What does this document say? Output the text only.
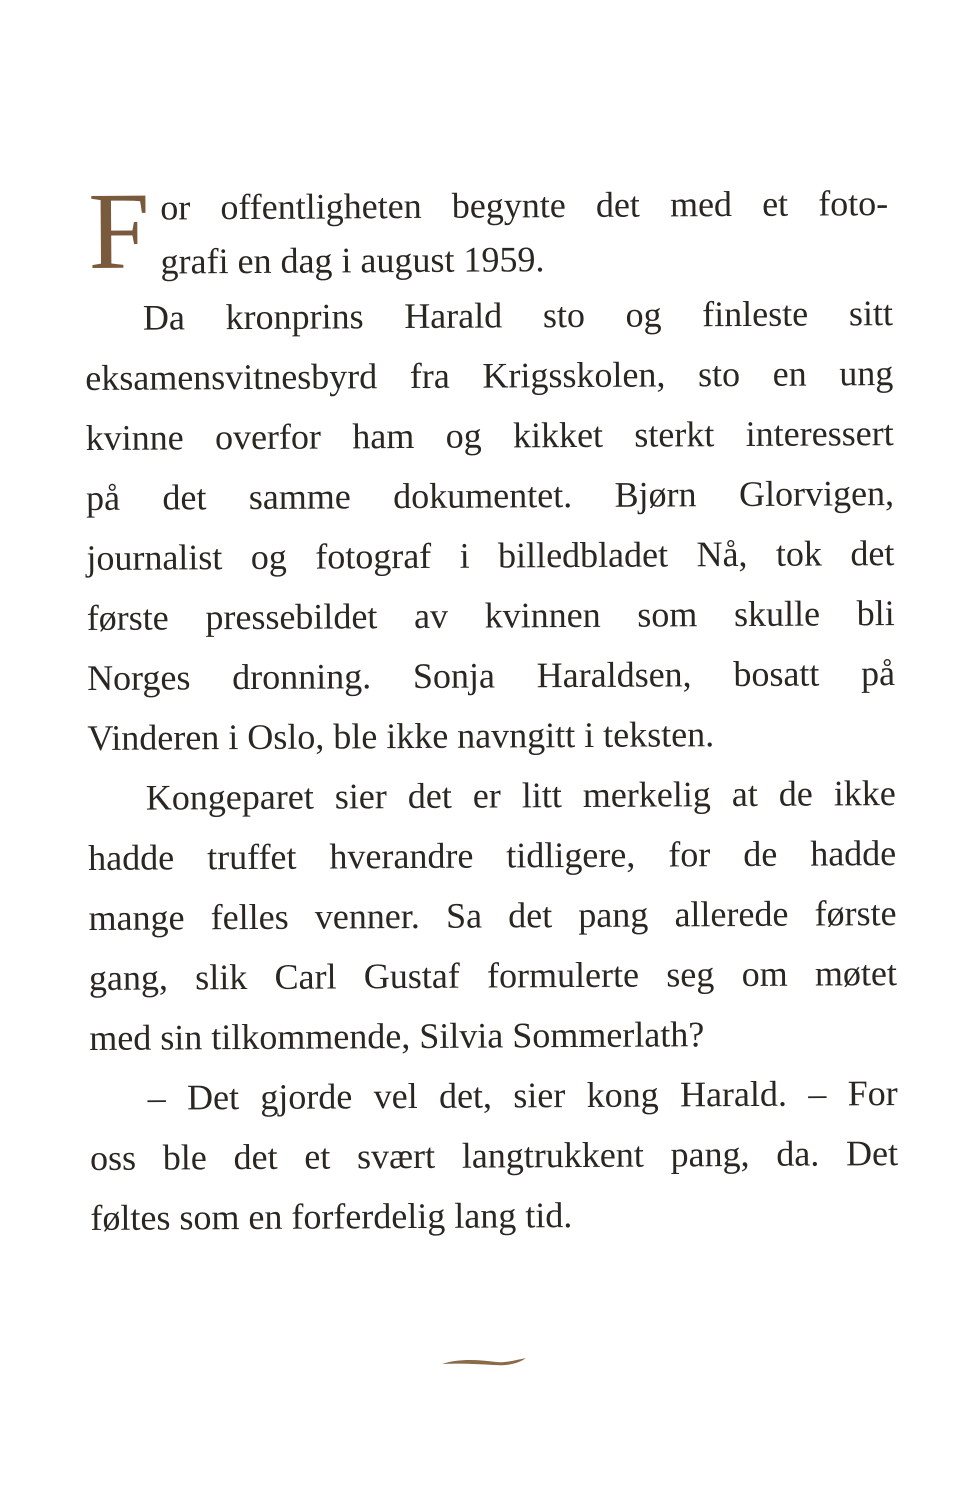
F or offentligheten begynte det med et foto-
grafi en dag i august 1959.
Da kronprins Harald sto og finleste sitt
eksamensvitnesbyrd fra Krigsskolen, sto en ung
kvinne overfor ham og kikket sterkt interessert
på det samme dokumentet. Bjørn Glorvigen,
journalist og fotograf i billedbladet Nå, tok det
første pressebildet av kvinnen som skulle bli
Norges dronning. Sonja Haraldsen, bosatt på
Vinderen i Oslo, ble ikke navngitt i teksten.
Kongeparet sier det er litt merkelig at de ikke
hadde truffet hverandre tidligere, for de hadde
mange felles venner. Sa det pang allerede første
gang, slik Carl Gustaf formulerte seg om møtet
med sin tilkommende, Silvia Sommerlath?
– Det gjorde vel det, sier kong Harald. – For
oss ble det et svært langtrukkent pang, da. Det
føltes som en forferdelig lang tid.
